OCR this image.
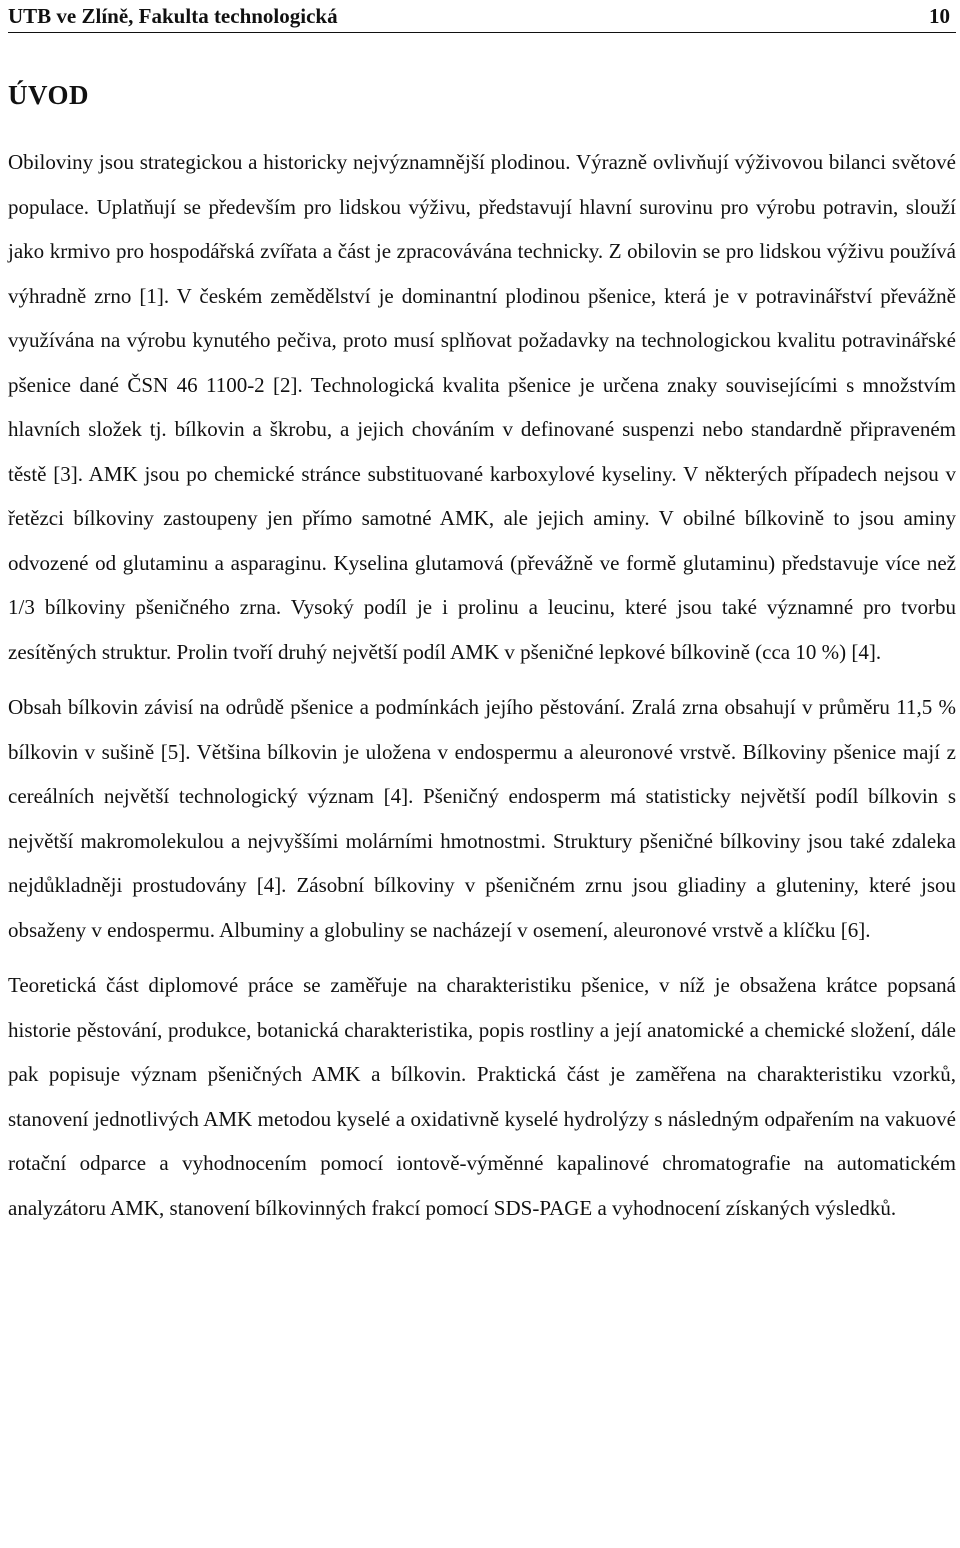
UTB ve Zlíně, Fakulta technologická	10
ÚVOD

Obiloviny jsou strategickou a historicky nejvýznamnější plodinou. Výrazně ovlivňují výživovou bilanci světové populace. Uplatňují se především pro lidskou výživu, představují hlavní surovinu pro výrobu potravin, slouží jako krmivo pro hospodářská zvířata a část je zpracovávána technicky. Z obilovin se pro lidskou výživu používá výhradně zrno [1]. V českém zemědělství je dominantní plodinou pšenice, která je v potravinářství převážně využívána na výrobu kynutého pečiva, proto musí splňovat požadavky na technologickou kvalitu potravinářské pšenice dané ČSN 46 1100-2 [2]. Technologická kvalita pšenice je určena znaky souvisejícími s množstvím hlavních složek tj. bílkovin a škrobu, a jejich chováním v definované suspenzi nebo standardně připraveném těstě [3]. AMK jsou po chemické stránce substituované karboxylové kyseliny. V některých případech nejsou v řetězci bílkoviny zastoupeny jen přímo samotné AMK, ale jejich aminy. V obilné bílkovině to jsou aminy odvozené od glutaminu a asparaginu. Kyselina glutamová (převážně ve formě glutaminu) představuje více než 1/3 bílkoviny pšeničného zrna. Vysoký podíl je i prolinu a leucinu, které jsou také významné pro tvorbu zesítěných struktur. Prolin tvoří druhý největší podíl AMK v pšeničné lepkové bílkovině (cca 10 %) [4].

Obsah bílkovin závisí na odrůdě pšenice a podmínkách jejího pěstování. Zralá zrna obsahují v průměru 11,5 % bílkovin v sušině [5]. Většina bílkovin je uložena v endospermu a aleuronové vrstvě. Bílkoviny pšenice mají z cereálních největší technologický význam [4]. Pšeničný endosperm má statisticky největší podíl bílkovin s největší makromolekulou a nejvyššími molárními hmotnostmi. Struktury pšeničné bílkoviny jsou také zdaleka nejdůkladněji prostudovány [4]. Zásobní bílkoviny v pšeničném zrnu jsou gliadiny a gluteniny, které jsou obsaženy v endospermu. Albuminy a globuliny se nacházejí v osemení, aleuronové vrstvě a klíčku [6].

Teoretická část diplomové práce se zaměřuje na charakteristiku pšenice, v níž je obsažena krátce popsaná historie pěstování, produkce, botanická charakteristika, popis rostliny a její anatomické a chemické složení, dále pak popisuje význam pšeničných AMK a bílkovin. Praktická část je zaměřena na charakteristiku vzorků, stanovení jednotlivých AMK metodou kyselé a oxidativně kyselé hydrolýzy s následným odpařením na vakuové rotační odparce a vyhodnocením pomocí iontově-výměnné kapalinové chromatografie na automatickém analyzátoru AMK, stanovení bílkovinných frakcí pomocí SDS-PAGE a vyhodnocení získaných výsledků.
